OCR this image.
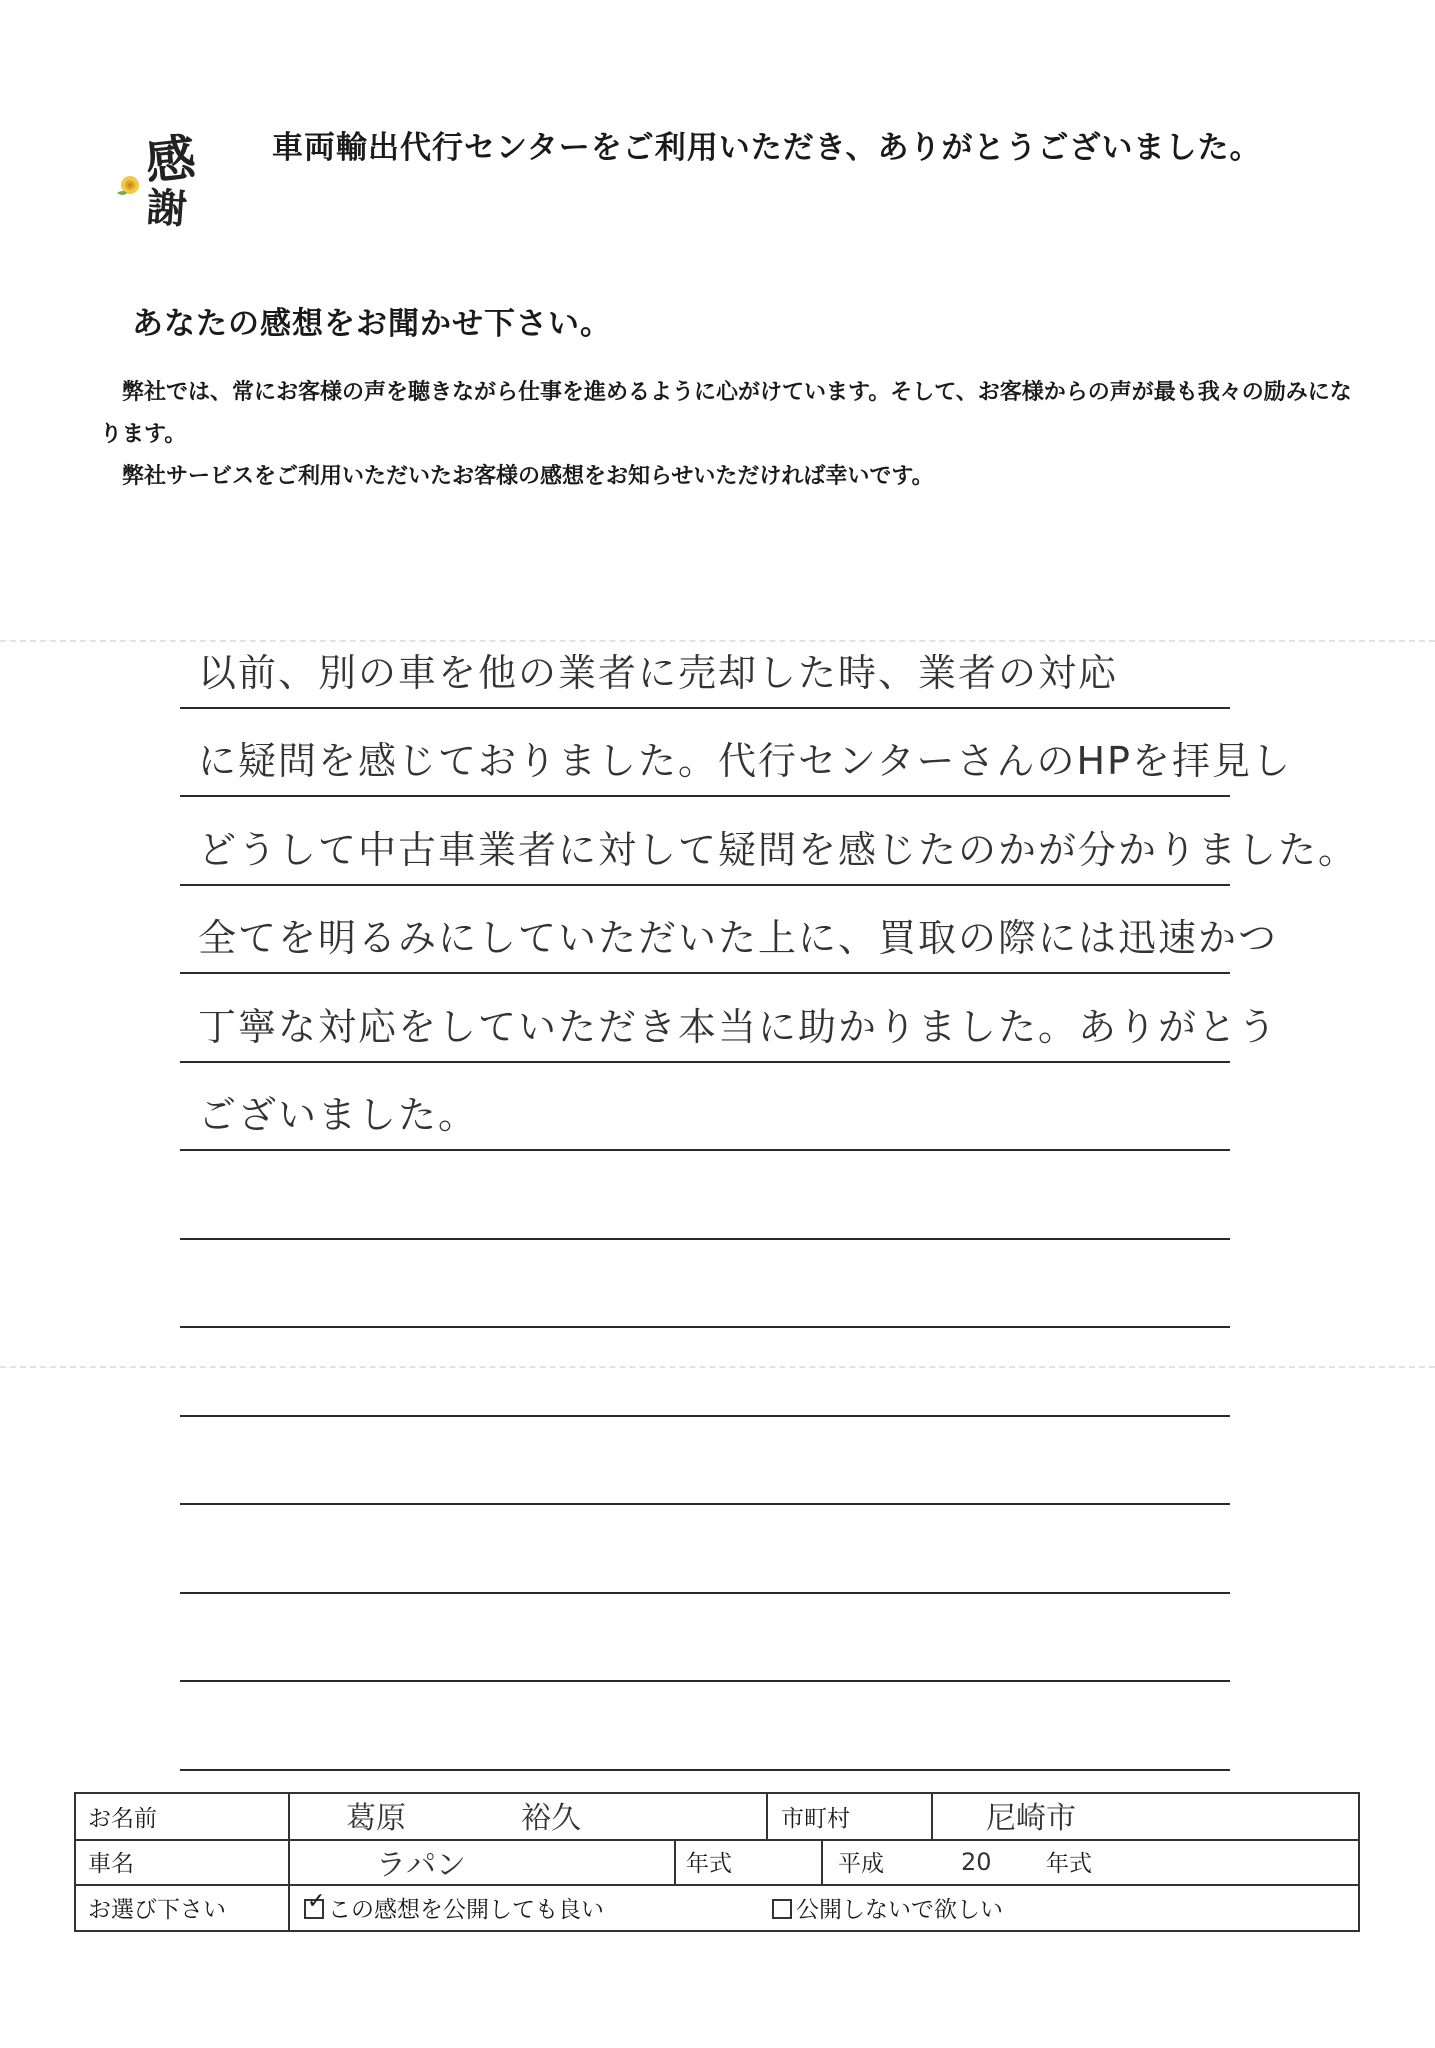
感
謝
車両輸出代行センターをご利用いただき、ありがとうございました。
あなたの感想をお聞かせ下さい。

弊社では、常にお客様の声を聴きながら仕事を進めるように心がけています。そして、お客様からの声が最も我々の励みになります。

弊社サービスをご利用いただいたお客様の感想をお知らせいただければ幸いです。

以前、別の車を他の業者に売却した時、業者の対応
に疑問を感じておりました。代行センターさんのHPを拝見し
どうして中古車業者に対して疑問を感じたのかが分かりました。
全てを明るみにしていただいた上に、買取の際には迅速かつ
丁寧な対応をしていただき本当に助かりました。ありがとう
ございました。
お名前	葛原	裕久	市町村	尼崎市
車名	ラパン	年式	平成	20 年式
お選び下さい	✓ この感想を公開しても良い	公開しないで欲しい
